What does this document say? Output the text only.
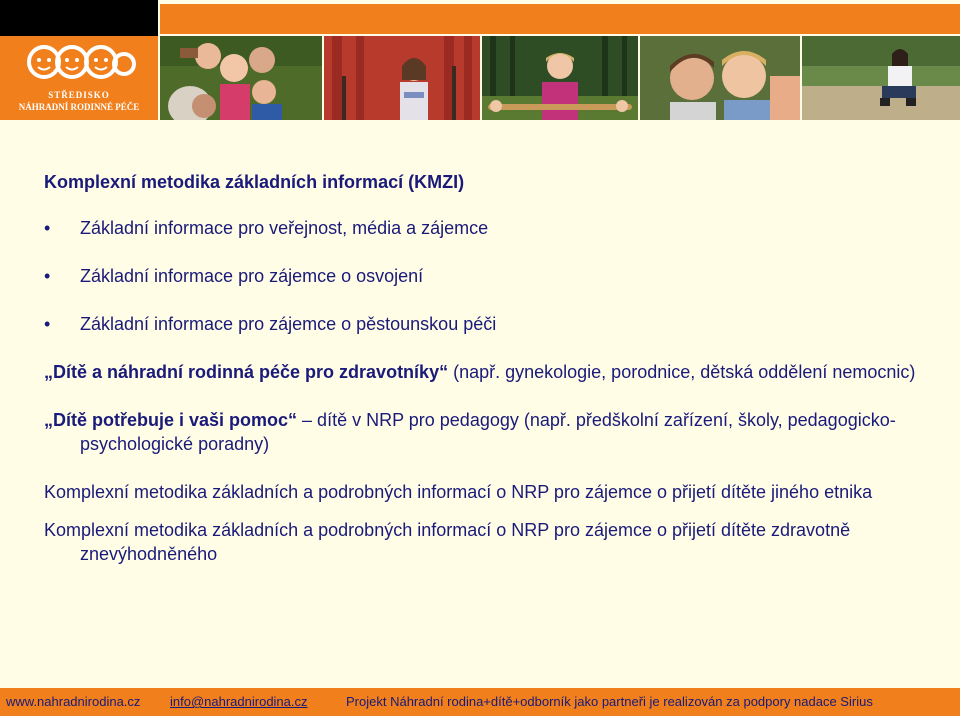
STŘEDISKO
NÁHRADNÍ RODINNÉ PÉČE
Komplexní metodika základních informací (KMZI)
• Základní informace pro veřejnost, média a zájemce
• Základní informace pro zájemce o osvojení
• Základní informace pro zájemce o pěstounskou péči
„Dítě a náhradní rodinná péče pro zdravotníky“ (např. gynekologie, porodnice, dětská oddělení nemocnic)
„Dítě potřebuje i vaši pomoc“ – dítě v NRP pro pedagogy (např. předškolní zařízení, školy, pedagogicko-psychologické poradny)
Komplexní metodika základních a podrobných informací o NRP pro zájemce o přijetí dítěte jiného etnika
Komplexní metodika základních a podrobných informací o NRP pro zájemce o přijetí dítěte zdravotně znevýhodněného
www.nahradnirodina.cz info@nahradnirodina.cz	Projekt Náhradní rodina+dítě+odborník jako partneři je realizován za podpory nadace Sirius
